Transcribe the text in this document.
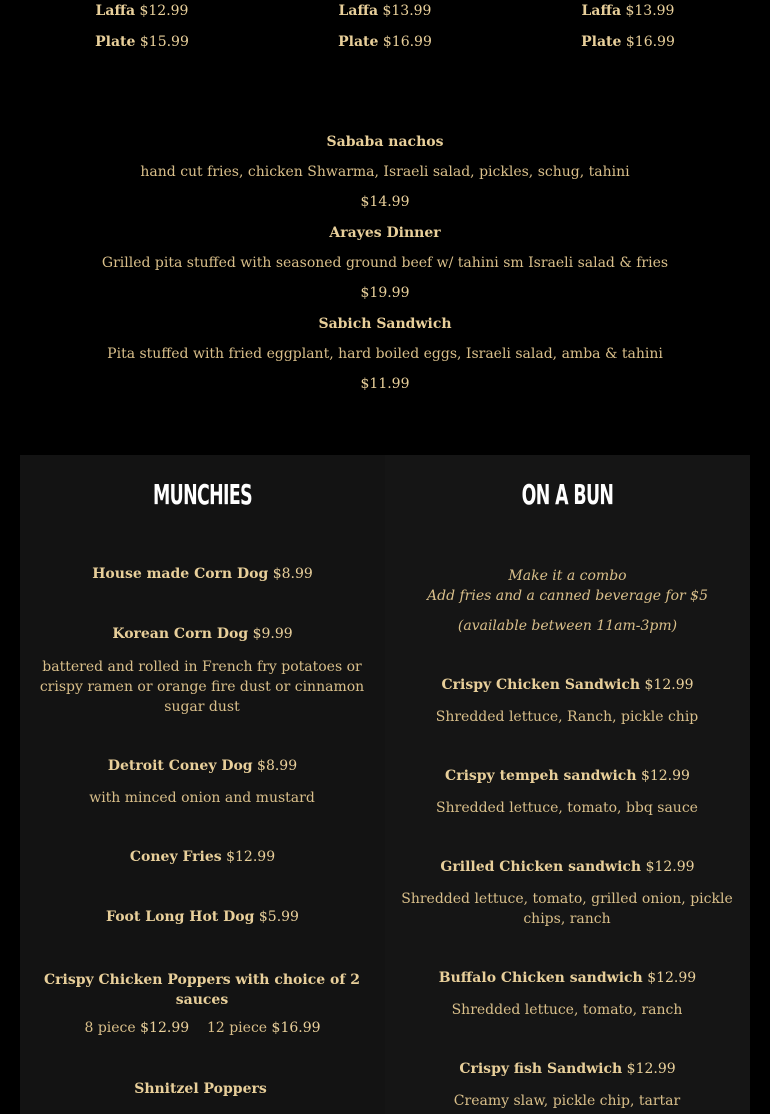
Laffa $12.99
Plate $15.99
Laffa $13.99
Plate $16.99
Laffa $13.99
Plate $16.99
Sababa nachos
hand cut fries, chicken Shwarma, Israeli salad, pickles, schug, tahini
$14.99
Arayes Dinner
Grilled pita stuffed with seasoned ground beef w/ tahini sm Israeli salad & fries
$19.99
Sabich Sandwich
Pita stuffed with fried eggplant, hard boiled eggs, Israeli salad, amba & tahini
$11.99
MUNCHIES	ON A BUN
House made Corn Dog $8.99
Korean Corn Dog $9.99
battered and rolled in French fry potatoes or crispy ramen or orange fire dust or cinnamon sugar dust
Detroit Coney Dog $8.99
with minced onion and mustard
Coney Fries $12.99
Foot Long Hot Dog $5.99
Crispy Chicken Poppers with choice of 2 sauces
8 piece $12.99 12 piece $16.99
Shnitzel Poppers
Make it a combo
Add fries and a canned beverage for $5
(available between 11am-3pm)
Crispy Chicken Sandwich $12.99
Shredded lettuce, Ranch, pickle chip
Crispy tempeh sandwich $12.99
Shredded lettuce, tomato, bbq sauce
Grilled Chicken sandwich $12.99
Shredded lettuce, tomato, grilled onion, pickle chips, ranch
Buffalo Chicken sandwich $12.99
Shredded lettuce, tomato, ranch
Crispy fish Sandwich $12.99
Creamy slaw, pickle chip, tartar
